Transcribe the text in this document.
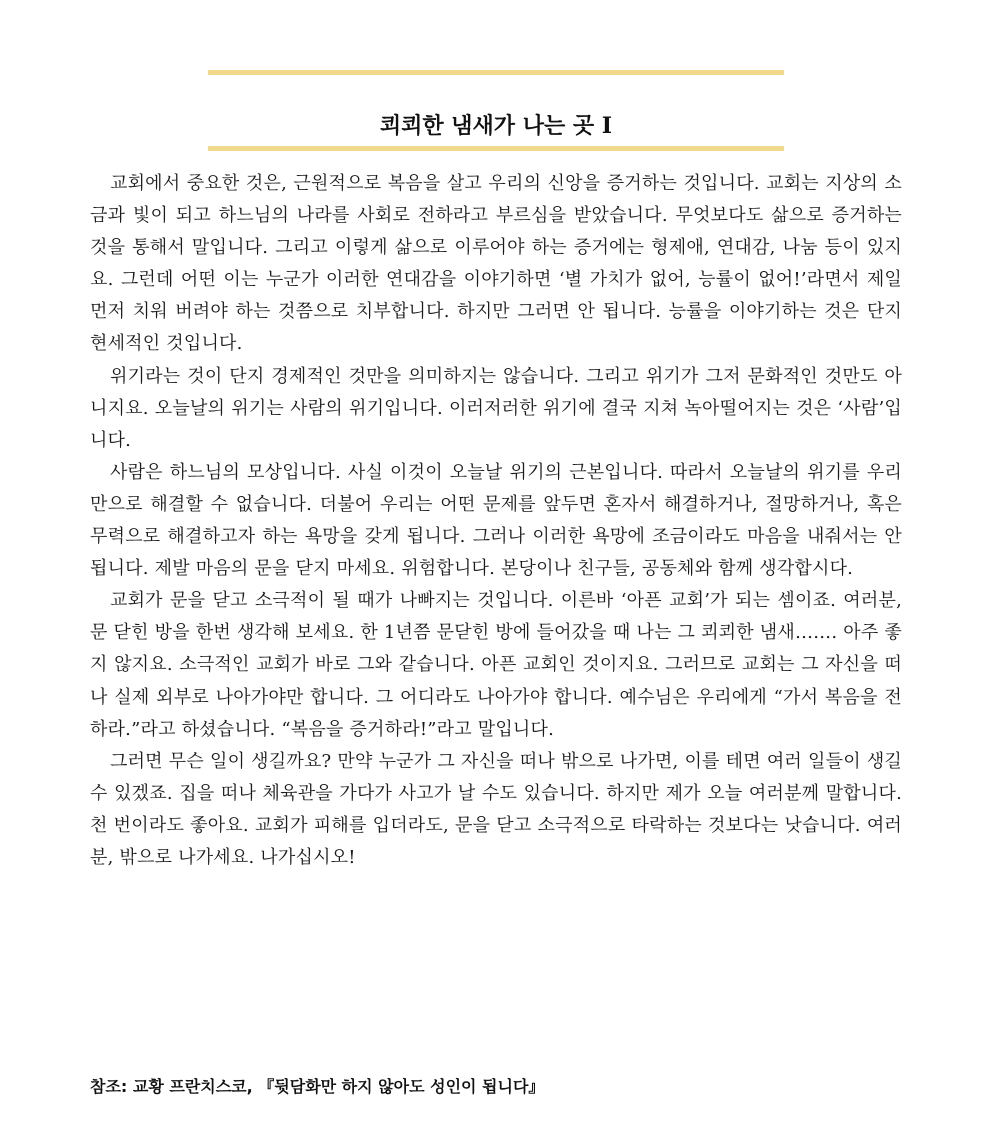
쾨쾨한 냄새가 나는 곳 I

교회에서 중요한 것은, 근원적으로 복음을 살고 우리의 신앙을 증거하는 것입니다. 교회는 지상의 소금과 빛이 되고 하느님의 나라를 사회로 전하라고 부르심을 받았습니다. 무엇보다도 삶으로 증거하는 것을 통해서 말입니다. 그리고 이렇게 삶으로 이루어야 하는 증거에는 형제애, 연대감, 나눔 등이 있지요. 그런데 어떤 이는 누군가 이러한 연대감을 이야기하면 ‘별 가치가 없어, 능률이 없어!’라면서 제일 먼저 치워 버려야 하는 것쯤으로 치부합니다. 하지만 그러면 안 됩니다. 능률을 이야기하는 것은 단지 현세적인 것입니다.

위기라는 것이 단지 경제적인 것만을 의미하지는 않습니다. 그리고 위기가 그저 문화적인 것만도 아니지요. 오늘날의 위기는 사람의 위기입니다. 이러저러한 위기에 결국 지쳐 녹아떨어지는 것은 ‘사람’입니다.

사람은 하느님의 모상입니다. 사실 이것이 오늘날 위기의 근본입니다. 따라서 오늘날의 위기를 우리만으로 해결할 수 없습니다. 더불어 우리는 어떤 문제를 앞두면 혼자서 해결하거나, 절망하거나, 혹은 무력으로 해결하고자 하는 욕망을 갖게 됩니다. 그러나 이러한 욕망에 조금이라도 마음을 내줘서는 안 됩니다. 제발 마음의 문을 닫지 마세요. 위험합니다. 본당이나 친구들, 공동체와 함께 생각합시다.

교회가 문을 닫고 소극적이 될 때가 나빠지는 것입니다. 이른바 ‘아픈 교회’가 되는 셈이죠. 여러분, 문 닫힌 방을 한번 생각해 보세요. 한 1년쯤 문닫힌 방에 들어갔을 때 나는 그 쾨쾨한 냄새……. 아주 좋지 않지요. 소극적인 교회가 바로 그와 같습니다. 아픈 교회인 것이지요. 그러므로 교회는 그 자신을 떠나 실제 외부로 나아가야만 합니다. 그 어디라도 나아가야 합니다. 예수님은 우리에게 “가서 복음을 전하라.”라고 하셨습니다. “복음을 증거하라!”라고 말입니다.

그러면 무슨 일이 생길까요? 만약 누군가 그 자신을 떠나 밖으로 나가면, 이를 테면 여러 일들이 생길 수 있겠죠. 집을 떠나 체육관을 가다가 사고가 날 수도 있습니다. 하지만 제가 오늘 여러분께 말합니다. 천 번이라도 좋아요. 교회가 피해를 입더라도, 문을 닫고 소극적으로 타락하는 것보다는 낫습니다. 여러분, 밖으로 나가세요. 나가십시오!

참조: 교황 프란치스코, 『뒷담화만 하지 않아도 성인이 됩니다』
